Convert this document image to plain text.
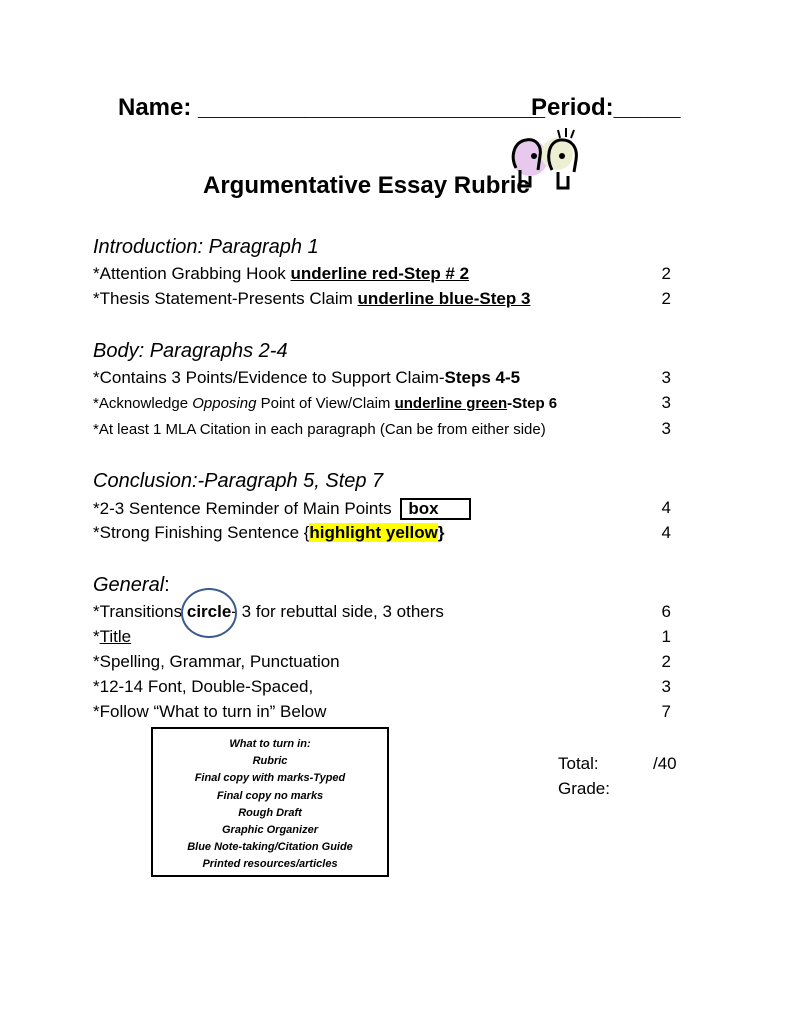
Name: __________________________
Period:_____
Argumentative Essay Rubric
Introduction: Paragraph 1
*Attention Grabbing Hook underline red-Step # 2	2
*Thesis Statement-Presents Claim underline blue-Step 3	2
Body: Paragraphs 2-4
*Contains 3 Points/Evidence to Support Claim-Steps 4-5	3
*Acknowledge Opposing Point of View/Claim underline green-Step 6	3
*At least 1 MLA Citation in each paragraph (Can be from either side)	3
Conclusion:-Paragraph 5, Step 7
*2-3 Sentence Reminder of Main Points box	4
*Strong Finishing Sentence {highlight yellow}	4
General:
*Transitions circle- 3 for rebuttal side, 3 others	6
*Title	1
*Spelling, Grammar, Punctuation	2
*12-14 Font, Double-Spaced,	3
*Follow “What to turn in” Below	7
What to turn in:
Rubric
Final copy with marks-Typed
Final copy no marks
Rough Draft
Graphic Organizer
Blue Note-taking/Citation Guide
Printed resources/articles
Total:	/40
Grade:
